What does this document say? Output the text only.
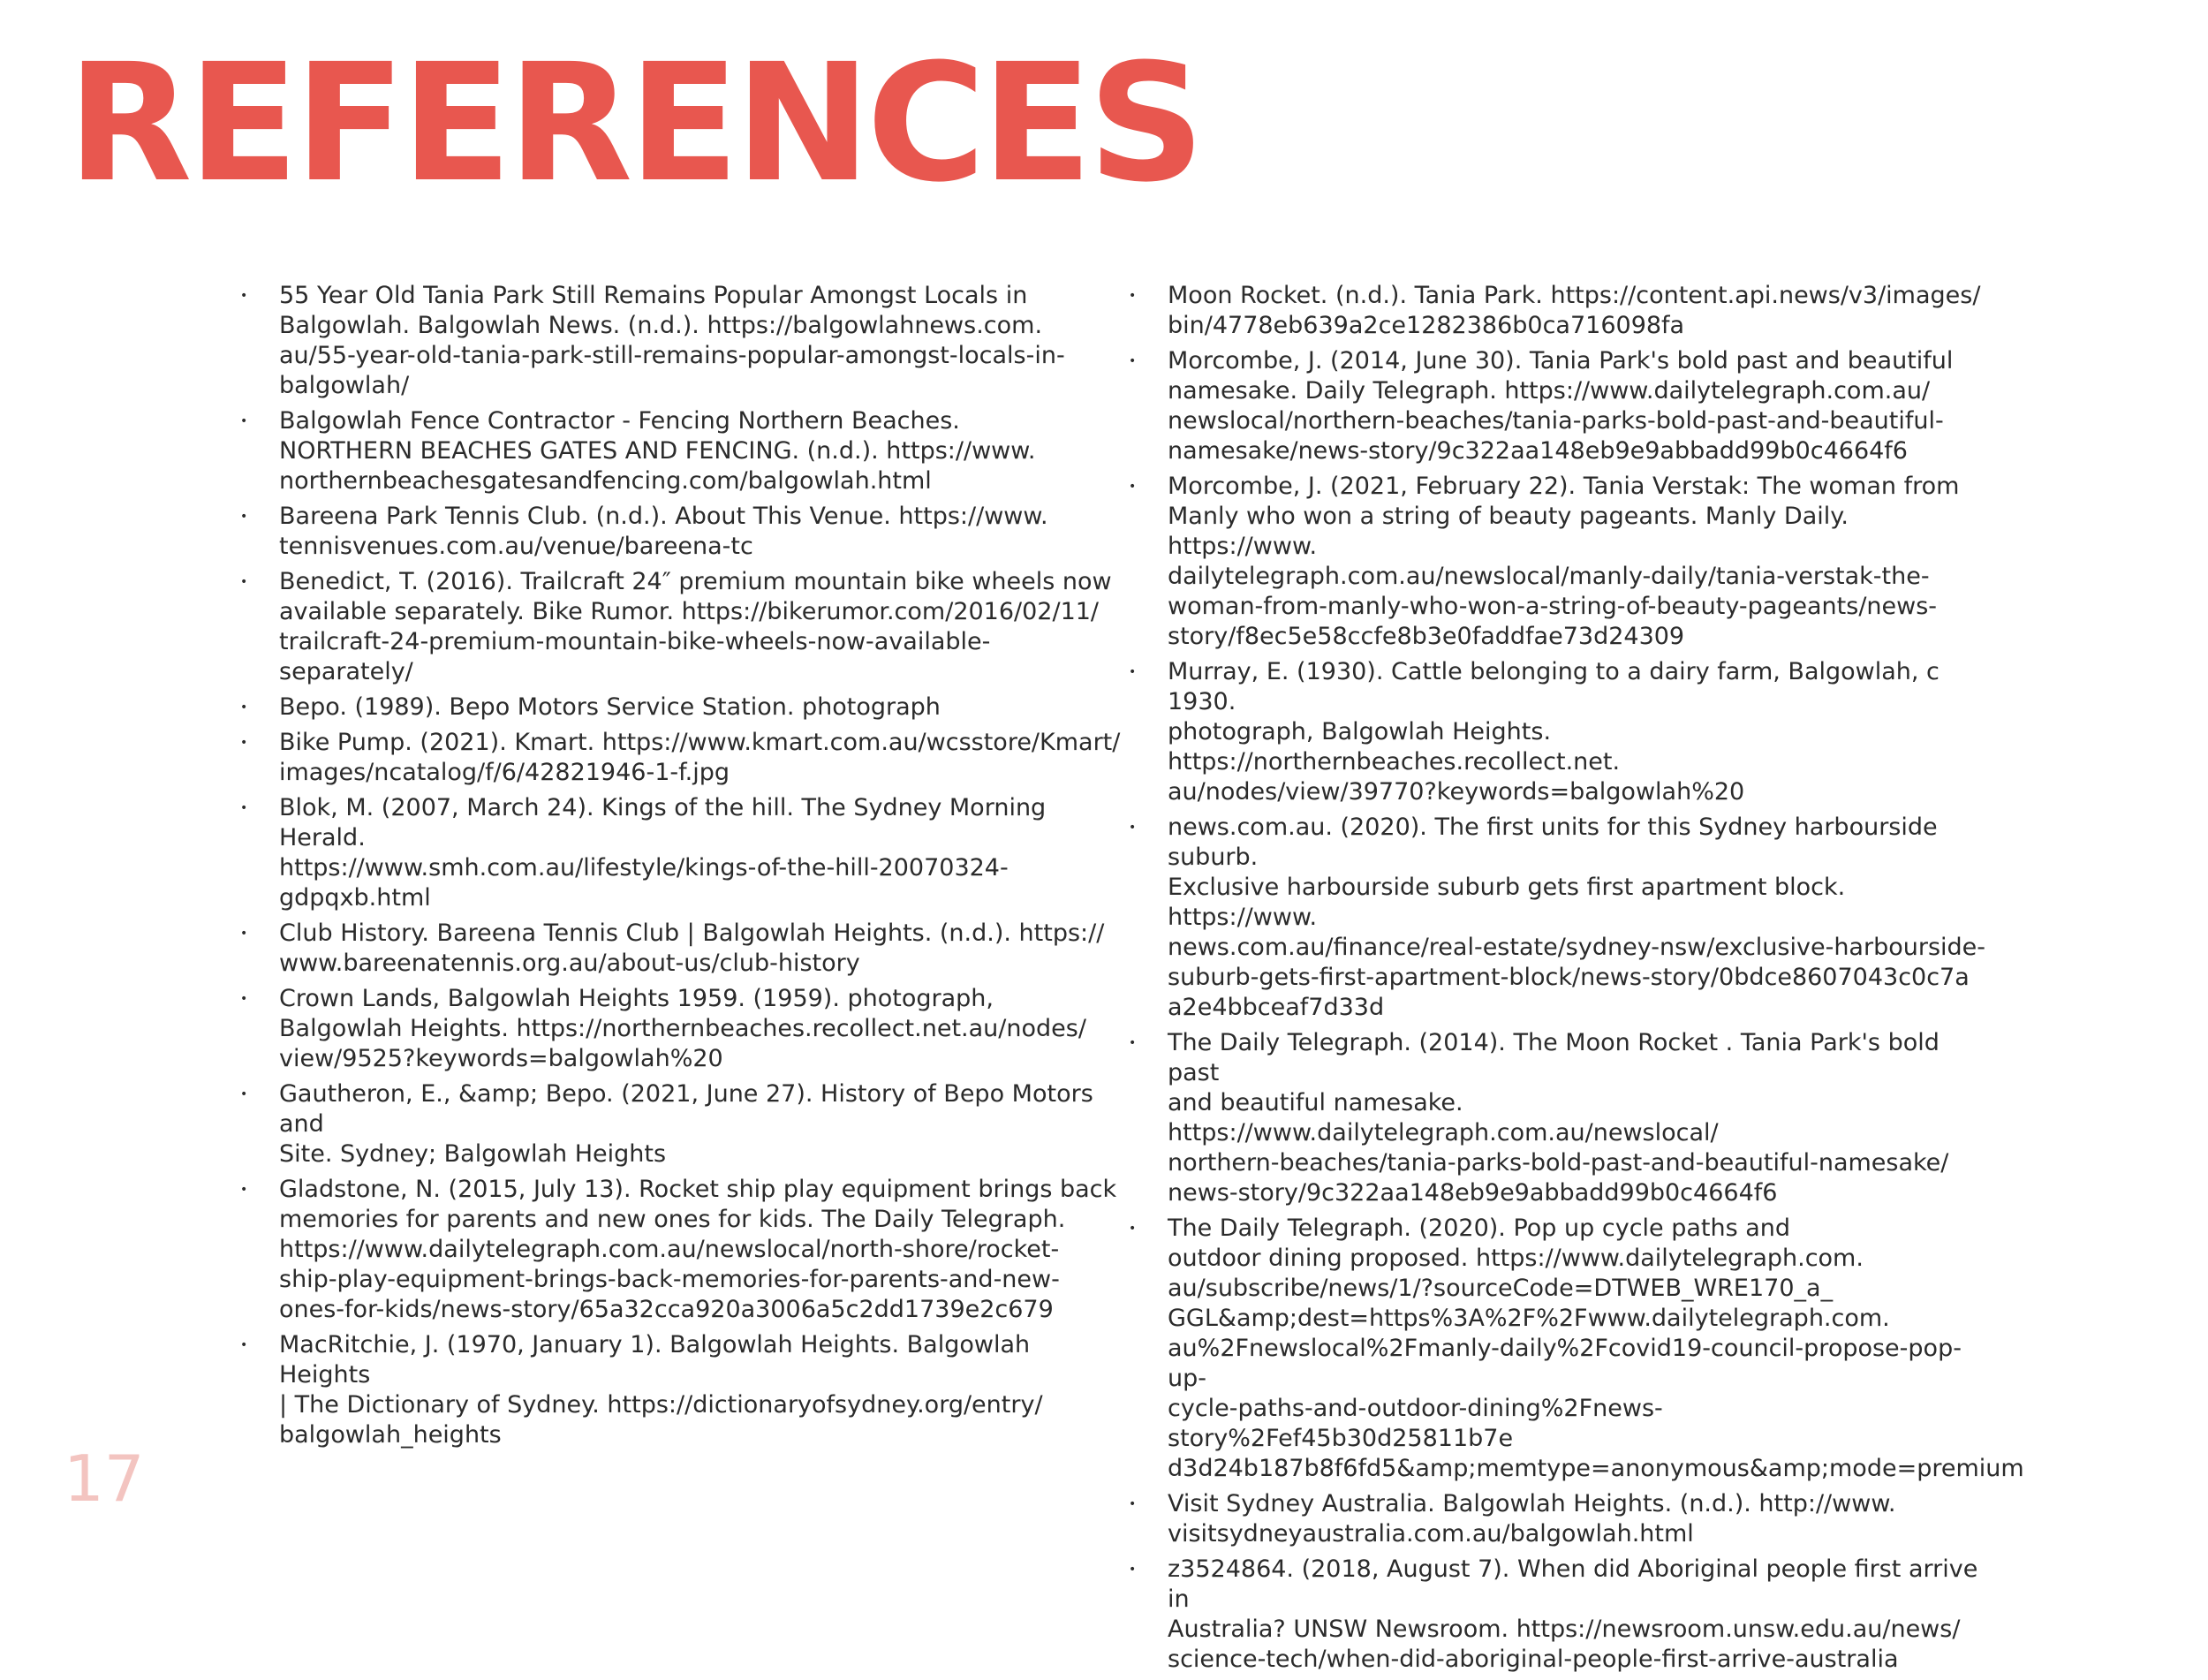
REFERENCES
•	55 Year Old Tania Park Still Remains Popular Amongst Locals in
Balgowlah. Balgowlah News. (n.d.). https://balgowlahnews.com.
au/55-year-old-tania-park-still-remains-popular-amongst-locals-in-
balgowlah/
•	Balgowlah Fence Contractor - Fencing Northern Beaches.
NORTHERN BEACHES GATES AND FENCING. (n.d.). https://www.
northernbeachesgatesandfencing.com/balgowlah.html
•	Bareena Park Tennis Club. (n.d.). About This Venue. https://www.
tennisvenues.com.au/venue/bareena-tc
•	Benedict, T. (2016). Trailcraft 24″ premium mountain bike wheels now
available separately. Bike Rumor. https://bikerumor.com/2016/02/11/
trailcraft-24-premium-mountain-bike-wheels-now-available-
separately/
•	Bepo. (1989). Bepo Motors Service Station. photograph
•	Bike Pump. (2021). Kmart. https://www.kmart.com.au/wcsstore/Kmart/
images/ncatalog/f/6/42821946-1-f.jpg
•	Blok, M. (2007, March 24). Kings of the hill. The Sydney Morning Herald.
https://www.smh.com.au/lifestyle/kings-of-the-hill-20070324-
gdpqxb.html
•	Club History. Bareena Tennis Club | Balgowlah Heights. (n.d.). https://
www.bareenatennis.org.au/about-us/club-history
•	Crown Lands, Balgowlah Heights 1959. (1959). photograph,
Balgowlah Heights. https://northernbeaches.recollect.net.au/nodes/
view/9525?keywords=balgowlah%20
•	Gautheron, E., &amp; Bepo. (2021, June 27). History of Bepo Motors and
Site. Sydney; Balgowlah Heights
•	Gladstone, N. (2015, July 13). Rocket ship play equipment brings back
memories for parents and new ones for kids. The Daily Telegraph.
https://www.dailytelegraph.com.au/newslocal/north-shore/rocket-
ship-play-equipment-brings-back-memories-for-parents-and-new-
ones-for-kids/news-story/65a32cca920a3006a5c2dd1739e2c679
•	MacRitchie, J. (1970, January 1). Balgowlah Heights. Balgowlah Heights
| The Dictionary of Sydney. https://dictionaryofsydney.org/entry/
balgowlah_heights
•	Moon Rocket. (n.d.). Tania Park. https://content.api.news/v3/images/
bin/4778eb639a2ce1282386b0ca716098fa
•	Morcombe, J. (2014, June 30). Tania Park's bold past and beautiful
namesake. Daily Telegraph. https://www.dailytelegraph.com.au/
newslocal/northern-beaches/tania-parks-bold-past-and-beautiful-
namesake/news-story/9c322aa148eb9e9abbadd99b0c4664f6
•	Morcombe, J. (2021, February 22). Tania Verstak: The woman from
Manly who won a string of beauty pageants. Manly Daily. https://www.
dailytelegraph.com.au/newslocal/manly-daily/tania-verstak-the-
woman-from-manly-who-won-a-string-of-beauty-pageants/news-
story/f8ec5e58ccfe8b3e0faddfae73d24309
•	Murray, E. (1930). Cattle belonging to a dairy farm, Balgowlah, c 1930.
photograph, Balgowlah Heights. https://northernbeaches.recollect.net.
au/nodes/view/39770?keywords=balgowlah%20
•	news.com.au. (2020). The first units for this Sydney harbourside suburb.
Exclusive harbourside suburb gets first apartment block. https://www.
news.com.au/finance/real-estate/sydney-nsw/exclusive-harbourside-
suburb-gets-first-apartment-block/news-story/0bdce8607043c0c7a
a2e4bbceaf7d33d
•	The Daily Telegraph. (2014). The Moon Rocket . Tania Park's bold past
and beautiful namesake. https://www.dailytelegraph.com.au/newslocal/
northern-beaches/tania-parks-bold-past-and-beautiful-namesake/
news-story/9c322aa148eb9e9abbadd99b0c4664f6
•	The Daily Telegraph. (2020). Pop up cycle paths and
outdoor dining proposed. https://www.dailytelegraph.com.
au/subscribe/news/1/?sourceCode=DTWEB_WRE170_a_
GGL&amp;dest=https%3A%2F%2Fwww.dailytelegraph.com.
au%2Fnewslocal%2Fmanly-daily%2Fcovid19-council-propose-pop-up-
cycle-paths-and-outdoor-dining%2Fnews-story%2Fef45b30d25811b7e
d3d24b187b8f6fd5&amp;memtype=anonymous&amp;mode=premium
•	Visit Sydney Australia. Balgowlah Heights. (n.d.). http://www.
visitsydneyaustralia.com.au/balgowlah.html
•	z3524864. (2018, August 7). When did Aboriginal people first arrive in
Australia? UNSW Newsroom. https://newsroom.unsw.edu.au/news/
science-tech/when-did-aboriginal-people-first-arrive-australia
17
